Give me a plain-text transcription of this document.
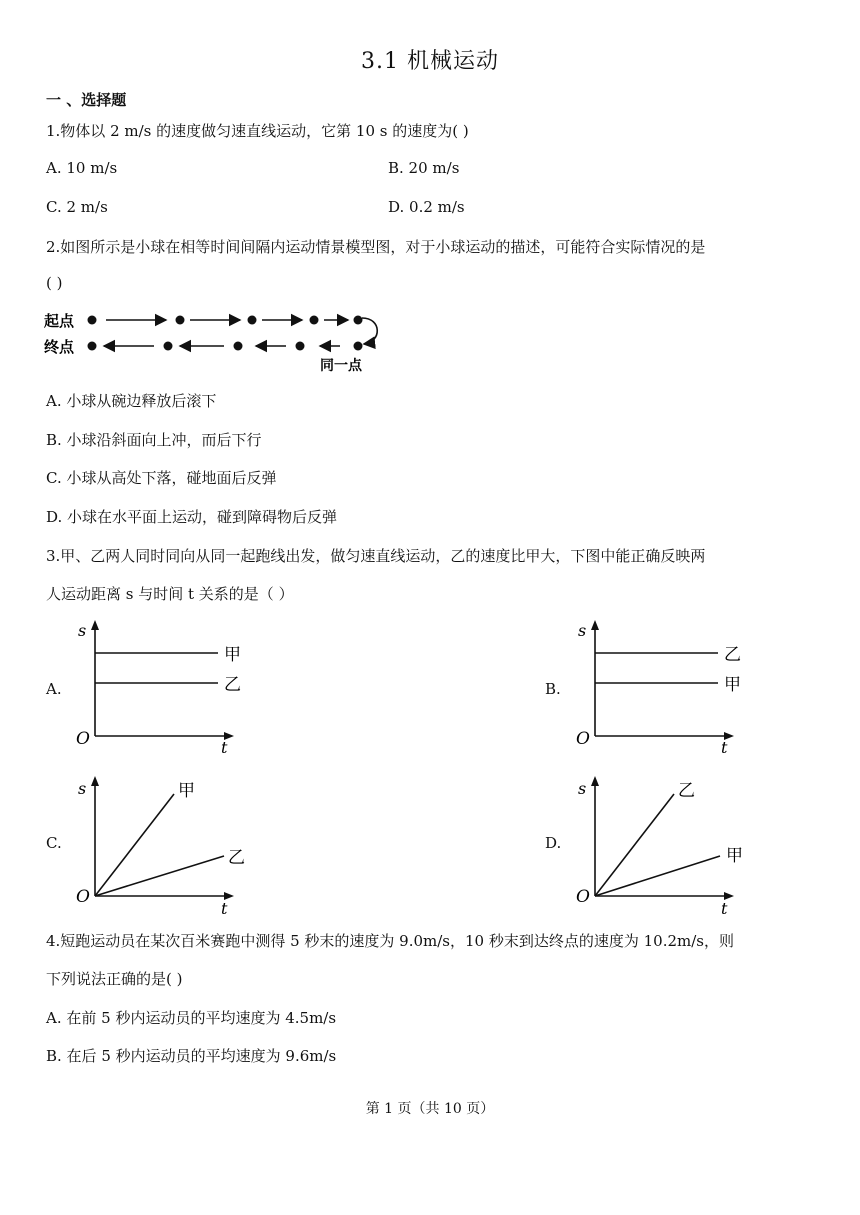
3.1 机械运动
一 、选择题
1.物体以 2 m/s 的速度做匀速直线运动，它第 10 s 的速度为( )
A. 10 m/s	B. 20 m/s
C. 2 m/s	D. 0.2 m/s
2.如图所示是小球在相等时间间隔内运动情景模型图，对于小球运动的描述，可能符合实际情况的是
( )
起点
终点
同一点
A. 小球从碗边释放后滚下
B. 小球沿斜面向上冲，而后下行
C. 小球从高处下落，碰地面后反弹
D. 小球在水平面上运动，碰到障碍物后反弹
3.甲、乙两人同时同向从同一起跑线出发，做匀速直线运动，乙的速度比甲大，下图中能正确反映两
人运动距离 s 与时间 t 关系的是（ ）
A.
s
O	t
甲
乙	B.
s
O	t
乙
甲
C.
s
O
t
甲
乙
D.
s
O
t
乙
甲
4.短跑运动员在某次百米赛跑中测得 5 秒末的速度为 9.0m/s，10 秒末到达终点的速度为 10.2m/s，则
下列说法正确的是( )
A. 在前 5 秒内运动员的平均速度为 4.5m/s
B. 在后 5 秒内运动员的平均速度为 9.6m/s
第 1 页（共 10 页）
